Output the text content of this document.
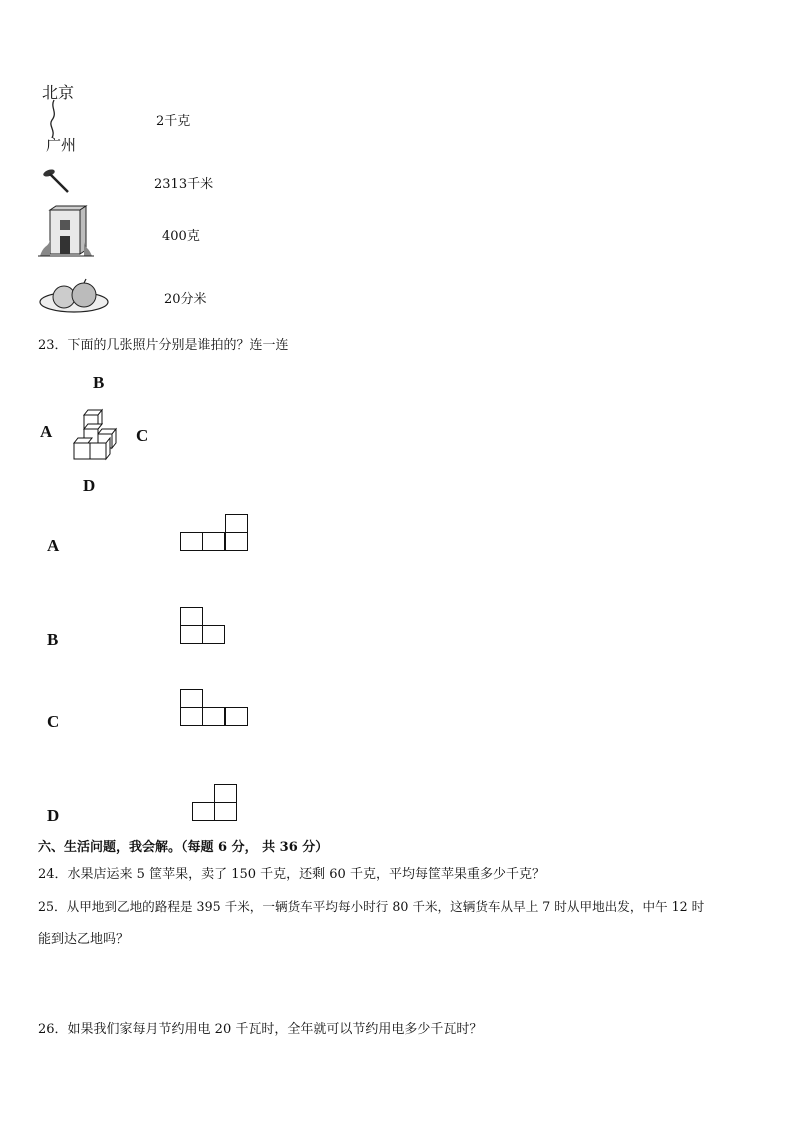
北京
广州
2千克
2313千米
400克
20分米
23．下面的几张照片分别是谁拍的？连一连
B
A	C
D
A
B
C
D
六、生活问题，我会解。（每题 6 分， 共 36 分）
24．水果店运来 5 筐苹果，卖了 150 千克，还剩 60 千克，平均每筐苹果重多少千克？
25．从甲地到乙地的路程是 395 千米，一辆货车平均每小时行 80 千米，这辆货车从早上 7 时从甲地出发，中午 12 时
能到达乙地吗？
26．如果我们家每月节约用电 20 千瓦时，全年就可以节约用电多少千瓦时？
